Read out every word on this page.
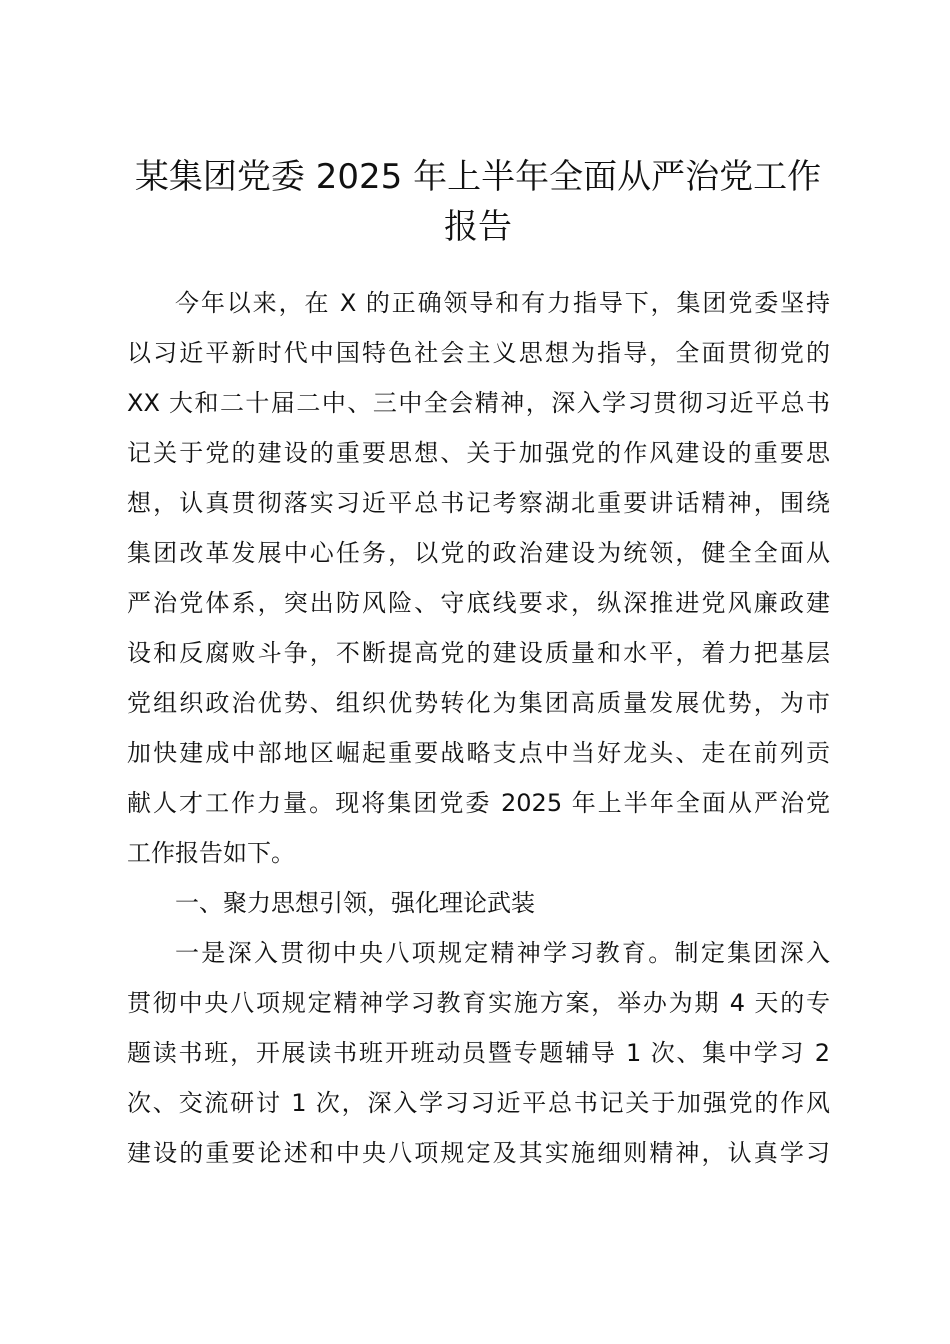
某集团党委 2025 年上半年全面从严治党工作
报告
今年以来，在 X 的正确领导和有力指导下，集团党委坚持
以习近平新时代中国特色社会主义思想为指导，全面贯彻党的
XX 大和二十届二中、三中全会精神，深入学习贯彻习近平总书
记关于党的建设的重要思想、关于加强党的作风建设的重要思
想，认真贯彻落实习近平总书记考察湖北重要讲话精神，围绕
集团改革发展中心任务，以党的政治建设为统领，健全全面从
严治党体系，突出防风险、守底线要求，纵深推进党风廉政建
设和反腐败斗争，不断提高党的建设质量和水平，着力把基层
党组织政治优势、组织优势转化为集团高质量发展优势，为市
加快建成中部地区崛起重要战略支点中当好龙头、走在前列贡
献人才工作力量。现将集团党委 2025 年上半年全面从严治党
工作报告如下。
一、聚力思想引领，强化理论武装
一是深入贯彻中央八项规定精神学习教育。制定集团深入
贯彻中央八项规定精神学习教育实施方案，举办为期 4 天的专
题读书班，开展读书班开班动员暨专题辅导 1 次、集中学习 2
次、交流研讨 1 次，深入学习习近平总书记关于加强党的作风
建设的重要论述和中央八项规定及其实施细则精神，认真学习
